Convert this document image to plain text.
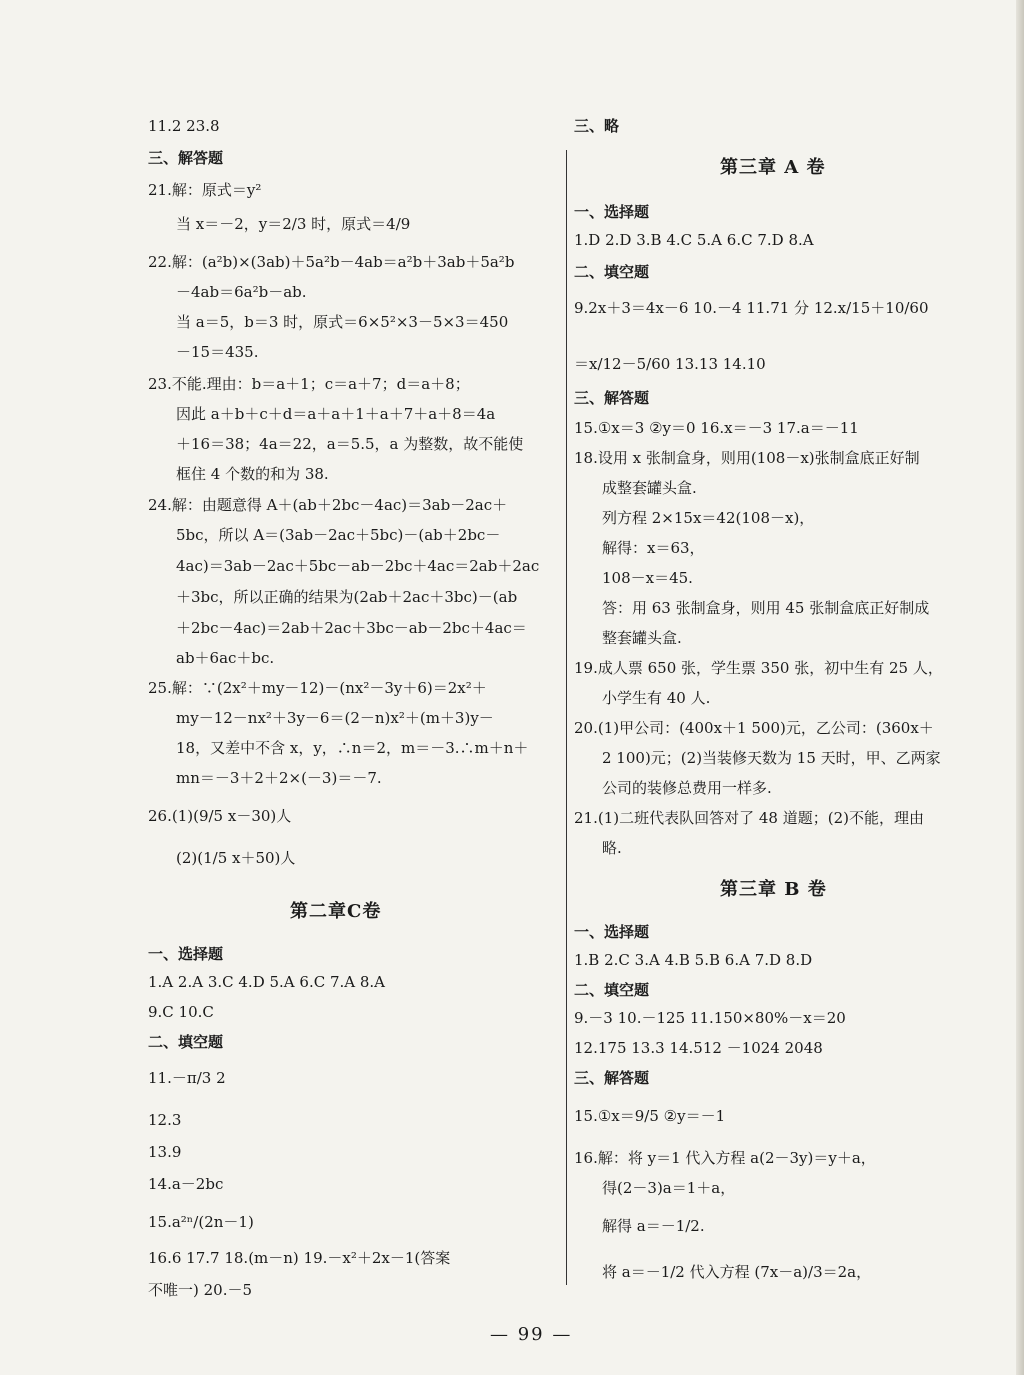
11.2 23.8
三、解答题
21.解：原式＝y²
当 x＝－2，y＝2/3 时，原式＝4/9
22.解：(a²b)×(3ab)＋5a²b－4ab＝a²b＋3ab＋5a²b
－4ab＝6a²b－ab.
当 a＝5，b＝3 时，原式＝6×5²×3－5×3＝450
－15＝435.
23.不能.理由：b＝a＋1；c＝a＋7；d＝a＋8；
因此 a＋b＋c＋d＝a＋a＋1＋a＋7＋a＋8＝4a
＋16＝38；4a＝22，a＝5.5，a 为整数，故不能使
框住 4 个数的和为 38.
24.解：由题意得 A＋(ab＋2bc－4ac)＝3ab－2ac＋
5bc，所以 A＝(3ab－2ac＋5bc)－(ab＋2bc－
4ac)＝3ab－2ac＋5bc－ab－2bc＋4ac＝2ab＋2ac
＋3bc，所以正确的结果为(2ab＋2ac＋3bc)－(ab
＋2bc－4ac)＝2ab＋2ac＋3bc－ab－2bc＋4ac＝
ab＋6ac＋bc.
25.解：∵(2x²＋my－12)－(nx²－3y＋6)＝2x²＋
my－12－nx²＋3y－6＝(2－n)x²＋(m＋3)y－
18，又差中不含 x，y，∴n＝2，m＝－3.∴m＋n＋
mn＝－3＋2＋2×(－3)＝－7.
26.(1)(9/5 x－30)人
(2)(1/5 x＋50)人
第二章C卷
一、选择题
1.A 2.A 3.C 4.D 5.A 6.C 7.A 8.A
9.C 10.C
二、填空题
11.－π/3 2
12.3
13.9
14.a－2bc
15.a²ⁿ/(2n－1)
16.6 17.7 18.(m－n) 19.－x²＋2x－1(答案
不唯一) 20.－5
三、略
第三章 A 卷
一、选择题
1.D 2.D 3.B 4.C 5.A 6.C 7.D 8.A
二、填空题
9.2x＋3＝4x－6 10.－4 11.71 分 12.x/15＋10/60
＝x/12－5/60 13.13 14.10
三、解答题
15.①x＝3 ②y＝0 16.x＝－3 17.a＝－11
18.设用 x 张制盒身，则用(108－x)张制盒底正好制
成整套罐头盒.
列方程 2×15x＝42(108－x)，
解得：x＝63，
108－x＝45.
答：用 63 张制盒身，则用 45 张制盒底正好制成
整套罐头盒.
19.成人票 650 张，学生票 350 张，初中生有 25 人，
小学生有 40 人.
20.(1)甲公司：(400x＋1 500)元，乙公司：(360x＋
2 100)元；(2)当装修天数为 15 天时，甲、乙两家
公司的装修总费用一样多.
21.(1)二班代表队回答对了 48 道题；(2)不能，理由
略.
第三章 B 卷
一、选择题
1.B 2.C 3.A 4.B 5.B 6.A 7.D 8.D
二、填空题
9.－3 10.－125 11.150×80%－x＝20
12.175 13.3 14.512 －1024 2048
三、解答题
15.①x＝9/5 ②y＝－1
16.解：将 y＝1 代入方程 a(2－3y)＝y＋a，
得(2－3)a＝1＋a，
解得 a＝－1/2.
将 a＝－1/2 代入方程 (7x－a)/3＝2a，
— 99 —
